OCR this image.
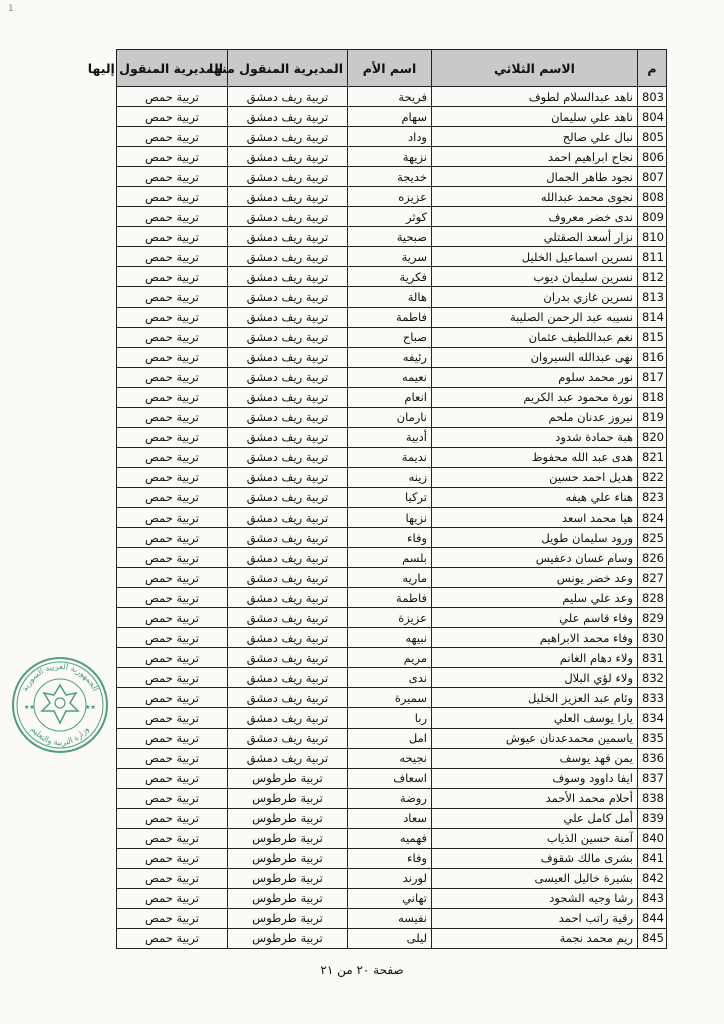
1
م	الاسم الثلاثي	اسم الأم	المديرية المنقول منها	المديرية المنقول إليها
803	ناهد عبدالسلام لطوف	فريحة	تربية ريف دمشق	تربية حمص
804	ناهد علي سليمان	سهام	تربية ريف دمشق	تربية حمص
805	نبال علي صالح	وداد	تربية ريف دمشق	تربية حمص
806	نجاح ابراهيم احمد	نزيهة	تربية ريف دمشق	تربية حمص
807	نجود طاهر الجمال	خديجة	تربية ريف دمشق	تربية حمص
808	نجوى محمد عبدالله	عزيزه	تربية ريف دمشق	تربية حمص
809	ندى خضر معروف	كوثر	تربية ريف دمشق	تربية حمص
810	نزار أسعد الصقتلي	صبحية	تربية ريف دمشق	تربية حمص
811	نسرين اسماعيل الخليل	سرية	تربية ريف دمشق	تربية حمص
812	نسرين سليمان ديوب	فكرية	تربية ريف دمشق	تربية حمص
813	نسرين غازي بدران	هالة	تربية ريف دمشق	تربية حمص
814	نسيبه عبد الرحمن الصليبة	فاطمة	تربية ريف دمشق	تربية حمص
815	نغم عبداللطيف عثمان	صباح	تربية ريف دمشق	تربية حمص
816	نهى عبدالله السيروان	رئيفه	تربية ريف دمشق	تربية حمص
817	نور محمد سلوم	نعيمه	تربية ريف دمشق	تربية حمص
818	نورة محمود عبد الكريم	انعام	تربية ريف دمشق	تربية حمص
819	نيروز عدنان ملحم	نارمان	تربية ريف دمشق	تربية حمص
820	هبة حمادة شدود	أدبية	تربية ريف دمشق	تربية حمص
821	هدى عبد الله محفوظ	نديمة	تربية ريف دمشق	تربية حمص
822	هديل احمد حسين	زينه	تربية ريف دمشق	تربية حمص
823	هناء علي هيفه	تركيا	تربية ريف دمشق	تربية حمص
824	هيا محمد اسعد	نزيها	تربية ريف دمشق	تربية حمص
825	ورود سليمان طويل	وفاء	تربية ريف دمشق	تربية حمص
826	وسام غسان دعفيس	بلسم	تربية ريف دمشق	تربية حمص
827	وعد خضر يونس	ماريه	تربية ريف دمشق	تربية حمص
828	وعد علي سليم	فاطمة	تربية ريف دمشق	تربية حمص
829	وفاء قاسم علي	عزيزة	تربية ريف دمشق	تربية حمص
830	وفاء محمد الابراهيم	نبيهه	تربية ريف دمشق	تربية حمص
831	ولاء دهام الغانم	مريم	تربية ريف دمشق	تربية حمص
832	ولاء لؤي البلال	ندى	تربية ريف دمشق	تربية حمص
833	وئام عبد العزيز الخليل	سميرة	تربية ريف دمشق	تربية حمص
834	يارا يوسف العلي	ربا	تربية ريف دمشق	تربية حمص
835	ياسمين محمدعدنان عيوش	امل	تربية ريف دمشق	تربية حمص
836	يمن فهد يوسف	نجيحه	تربية ريف دمشق	تربية حمص
837	ايفا داوود وسوف	اسعاف	تربية طرطوس	تربية حمص
838	أحلام محمد الأحمد	روضة	تربية طرطوس	تربية حمص
839	أمل كامل علي	سعاد	تربية طرطوس	تربية حمص
840	آمنة حسين الذياب	فهميه	تربية طرطوس	تربية حمص
841	بشرى مالك شقوف	وفاء	تربية طرطوس	تربية حمص
842	بشيرة خاليل العيسى	لورند	تربية طرطوس	تربية حمص
843	رشا وجيه الشحود	تهاني	تربية طرطوس	تربية حمص
844	رقية راتب احمد	نفيسه	تربية طرطوس	تربية حمص
845	ريم محمد نجمة	ليلى	تربية طرطوس	تربية حمص
صفحة ٢٠ من ٢١
الجمهورية العربية السورية
وزارة التربية والتعليم
★★	★★
